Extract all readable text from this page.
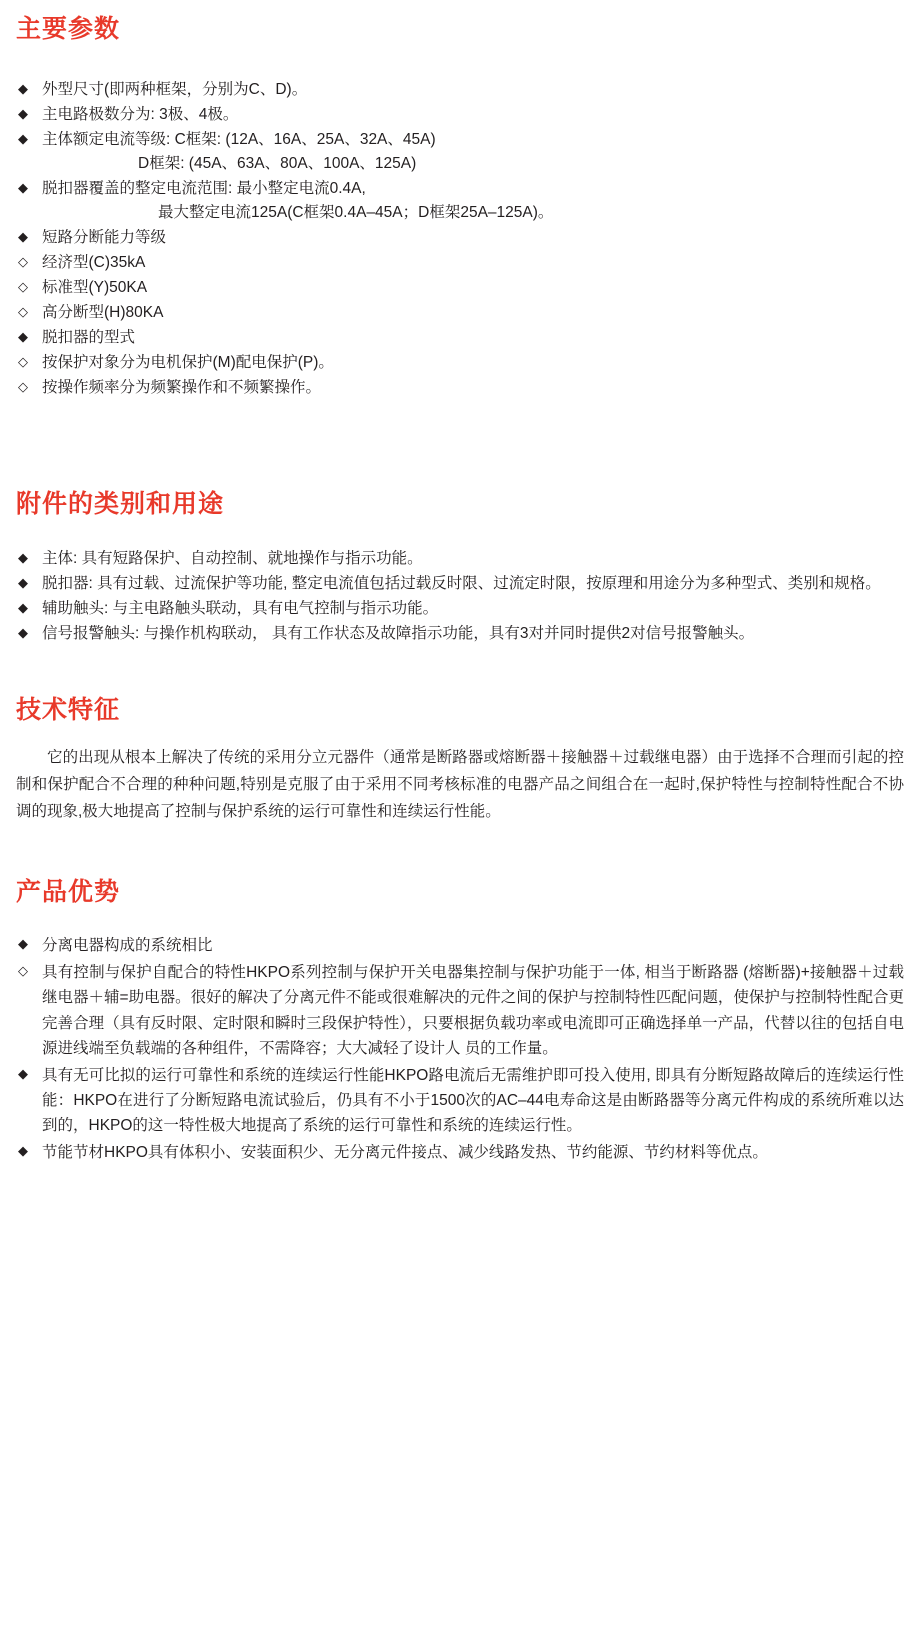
主要参数
◆ 外型尺寸(即两种框架，分别为C、D)。
◆ 主电路极数分为: 3极、4极。
◆ 主体额定电流等级: C框架: (12A、16A、25A、32A、45A)
D框架: (45A、63A、80A、100A、125A)
◆ 脱扣器覆盖的整定电流范围: 最小整定电流0.4A,
最大整定电流125A(C框架0.4A–45A；D框架25A–125A)。
◆ 短路分断能力等级
◇ 经济型(C)35kA
◇ 标准型(Y)50KA
◇ 高分断型(H)80KA
◆ 脱扣器的型式
◇ 按保护对象分为电机保护(M)配电保护(P)。
◇ 按操作频率分为频繁操作和不频繁操作。
附件的类别和用途
◆ 主体: 具有短路保护、自动控制、就地操作与指示功能。
◆ 脱扣器: 具有过载、过流保护等功能, 整定电流值包括过载反时限、过流定时限，按原理和用途分为多种型式、类别和规格。
◆ 辅助触头: 与主电路触头联动，具有电气控制与指示功能。
◆ 信号报警触头: 与操作机构联动， 具有工作状态及故障指示功能，具有3对并同时提供2对信号报警触头。
技术特征

它的出现从根本上解决了传统的采用分立元器件（通常是断路器或熔断器＋接触器＋过载继电器）由于选择不合理而引起的控制和保护配合不合理的种种问题,特别是克服了由于采用不同考核标准的电器产品之间组合在一起时,保护特性与控制特性配合不协调的现象,极大地提高了控制与保护系统的运行可靠性和连续运行性能。

产品优势
◆ 分离电器构成的系统相比
◇ 具有控制与保护自配合的特性HKPO系列控制与保护开关电器集控制与保护功能于一体, 相当于断路器 (熔断器)+接触器＋过载继电器＋辅=助电器。很好的解决了分离元件不能或很难解决的元件之间的保护与控制特性匹配问题，使保护与控制特性配合更完善合理（具有反时限、定时限和瞬时三段保护特性），只要根据负载功率或电流即可正确选择单一产品，代替以往的包括自电源进线端至负载端的各种组件，不需降容；大大减轻了设计人 员的工作量。
◆ 具有无可比拟的运行可靠性和系统的连续运行性能HKPO路电流后无需维护即可投入使用, 即具有分断短路故障后的连续运行性能：HKPO在进行了分断短路电流试验后，仍具有不小于1500次的AC–44电寿命这是由断路器等分离元件构成的系统所难以达到的，HKPO的这一特性极大地提高了系统的运行可靠性和系统的连续运行性。
◆ 节能节材HKPO具有体积小、安装面积少、无分离元件接点、减少线路发热、节约能源、节约材料等优点。
